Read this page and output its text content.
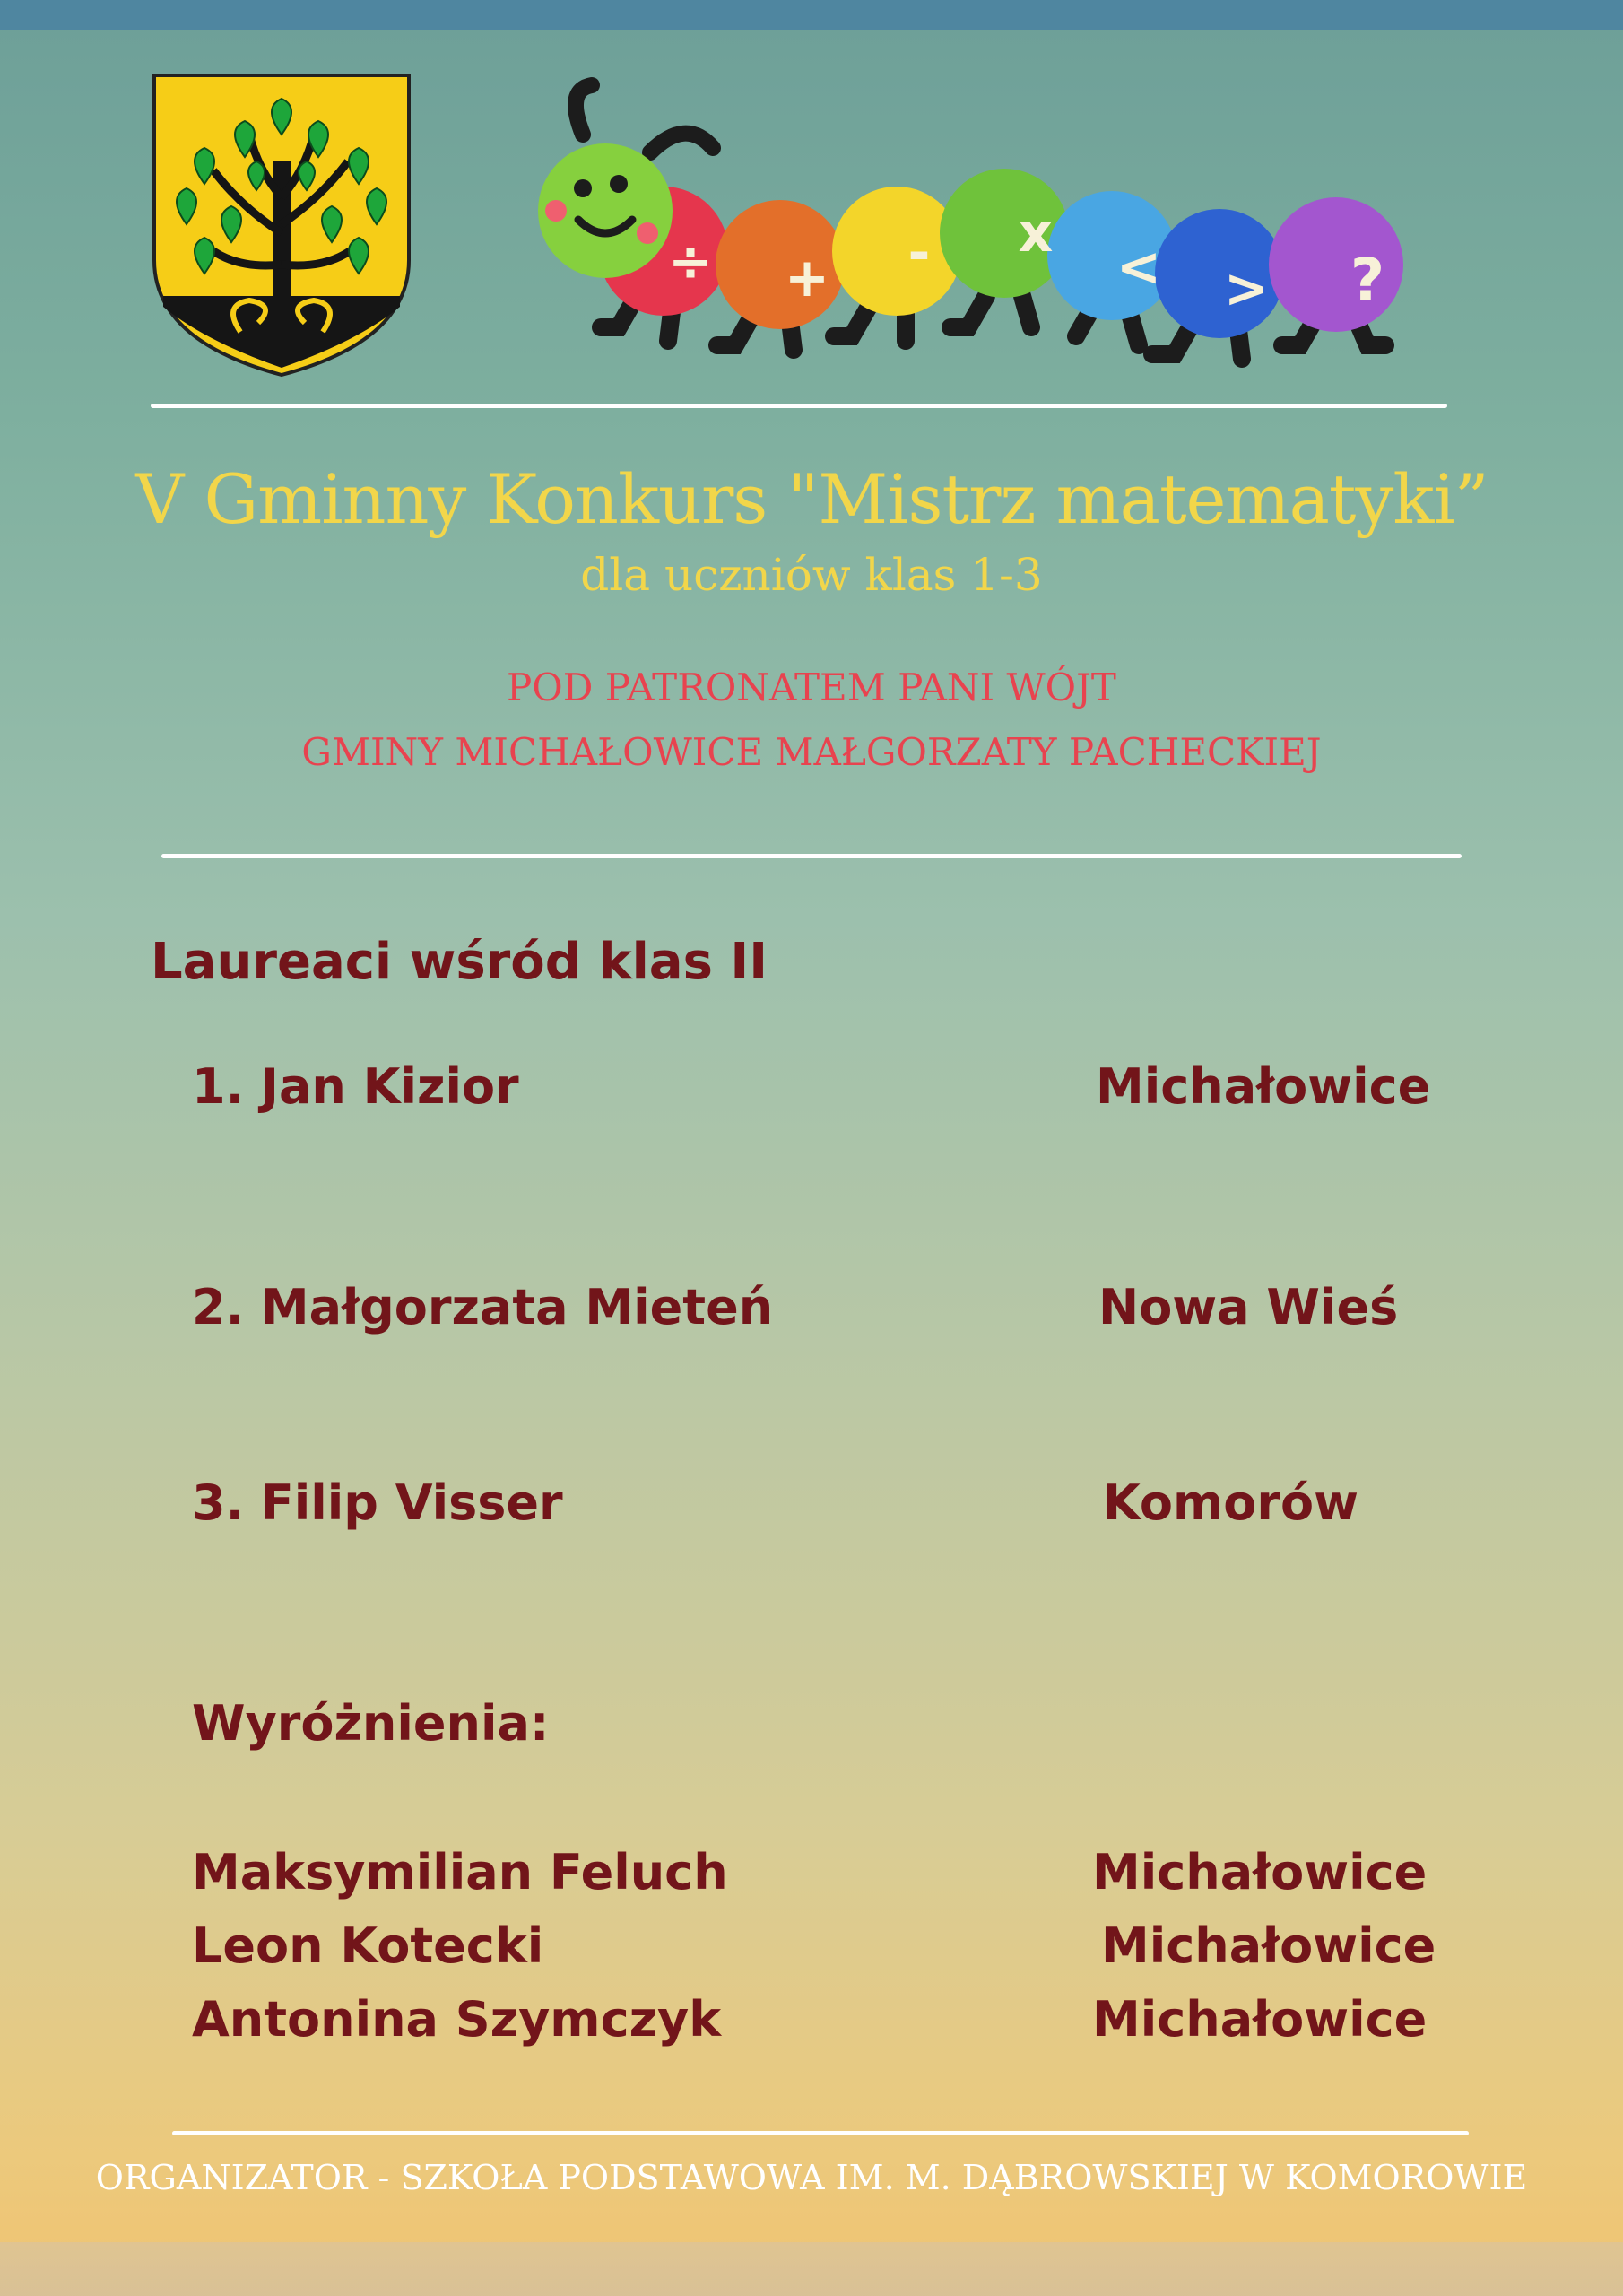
÷ + - x
< > ?
V Gminny Konkurs "Mistrz matematyki”
dla uczniów klas 1-3
POD PATRONATEM PANI WÓJT
GMINY MICHAŁOWICE MAŁGORZATY PACHECKIEJ
Laureaci wśród klas II
1. Jan Kizior	Michałowice
2. Małgorzata Mieteń	Nowa Wieś
3. Filip Visser	Komorów
Wyróżnienia:
Maksymilian Feluch	Michałowice
Leon Kotecki	Michałowice
Antonina Szymczyk	Michałowice
ORGANIZATOR - SZKOŁA PODSTAWOWA IM. M. DĄBROWSKIEJ W KOMOROWIE
